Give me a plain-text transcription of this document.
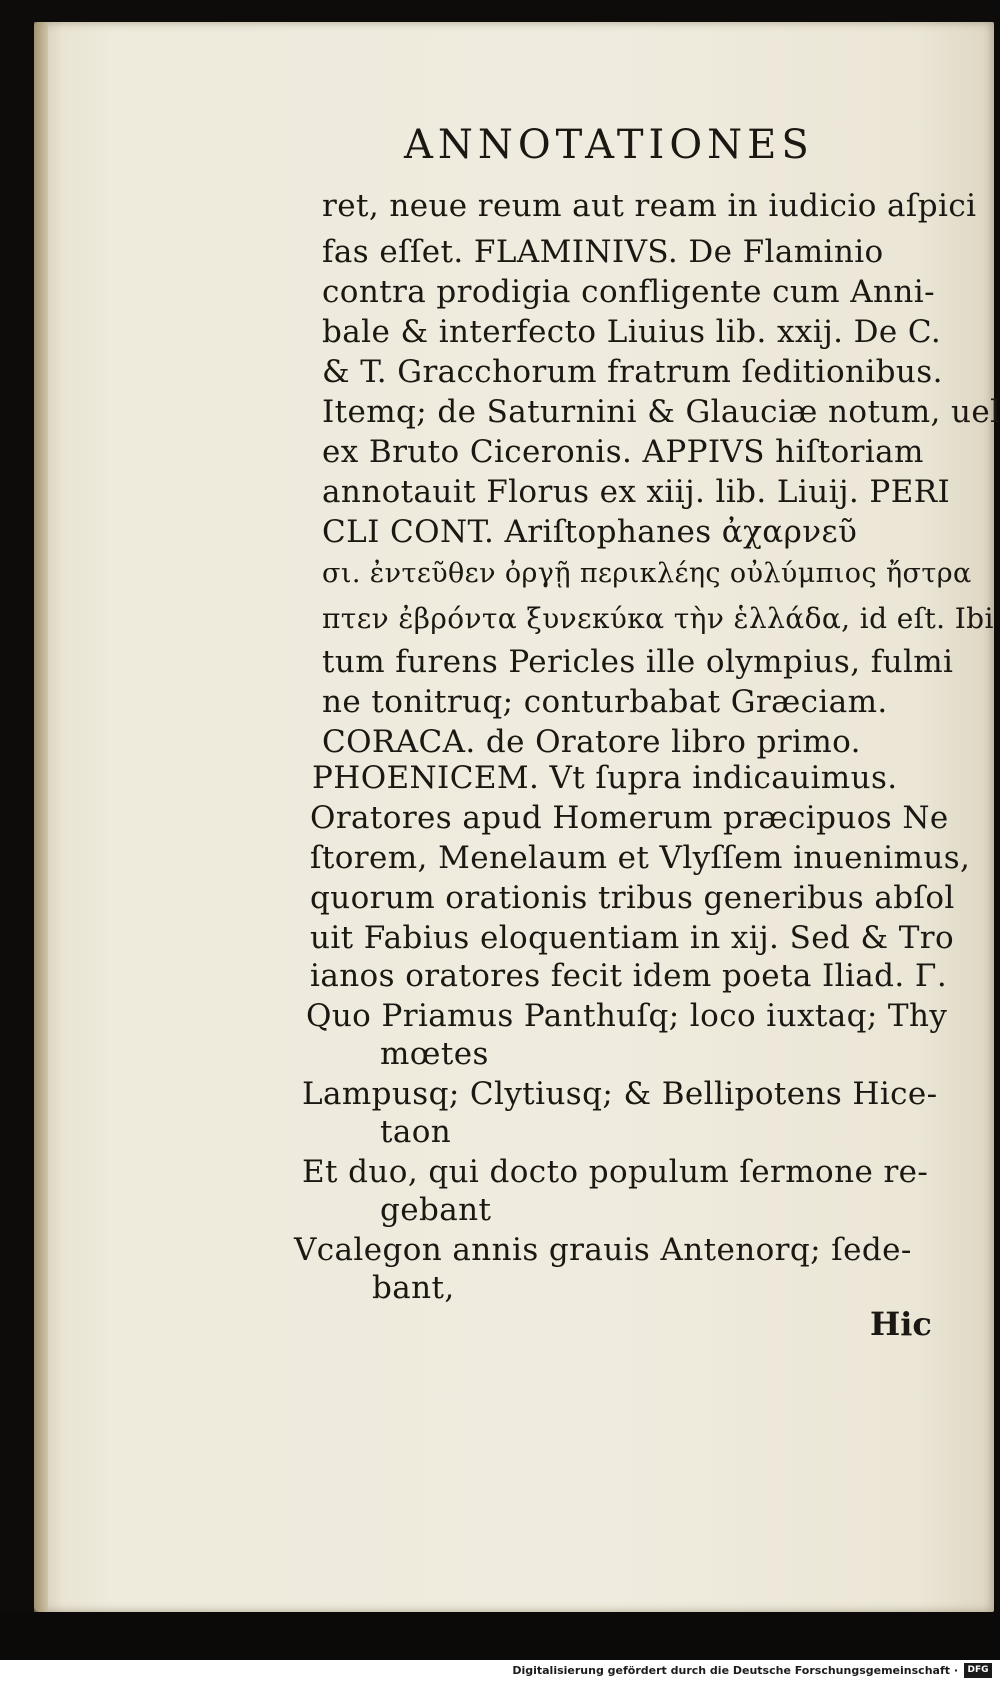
ANNOTATIONES
ret, neue reum aut ream in iudicio aſpici
fas eſſet. FLAMINIVS. De Flaminio
contra prodigia confligente cum Anni-
bale & interfecto Liuius lib. xxij. De C.
& T. Gracchorum fratrum ſeditionibus.
Itemq; de Saturnini & Glauciæ notum, uel
ex Bruto Ciceronis. APPIVS hiſtoriam
annotauit Florus ex xiij. lib. Liuij. PERI
CLI CONT. Ariſtophanes ἀχαρνεῦ
σι. ἐντεῦθεν ὀργῇ περικλέης οὐλύμπιος ἤστρα
πτεν ἐβρόντα ξυνεκύκα τὴν ἑλλάδα, id eſt. Ibi
tum furens Pericles ille olympius, fulmi
ne tonitruq; conturbabat Græciam.
CORACA. de Oratore libro primo.
PHOENICEM. Vt ſupra indicauimus.
Oratores apud Homerum præcipuos Ne
ſtorem, Menelaum et Vlyſſem inuenimus,
quorum orationis tribus generibus abſol
uit Fabius eloquentiam in xij. Sed & Tro
ianos oratores fecit idem poeta Iliad. Γ.
Quo Priamus Panthuſq; loco iuxtaq; Thy
mœtes
Lampusq; Clytiusq; & Bellipotens Hice-
taon
Et duo, qui docto populum ſermone re-
gebant
Vcalegon annis grauis Antenorq; ſede-
bant,
Hic
Digitalisierung gefördert durch die Deutsche Forschungsgemeinschaft ·	DFG
